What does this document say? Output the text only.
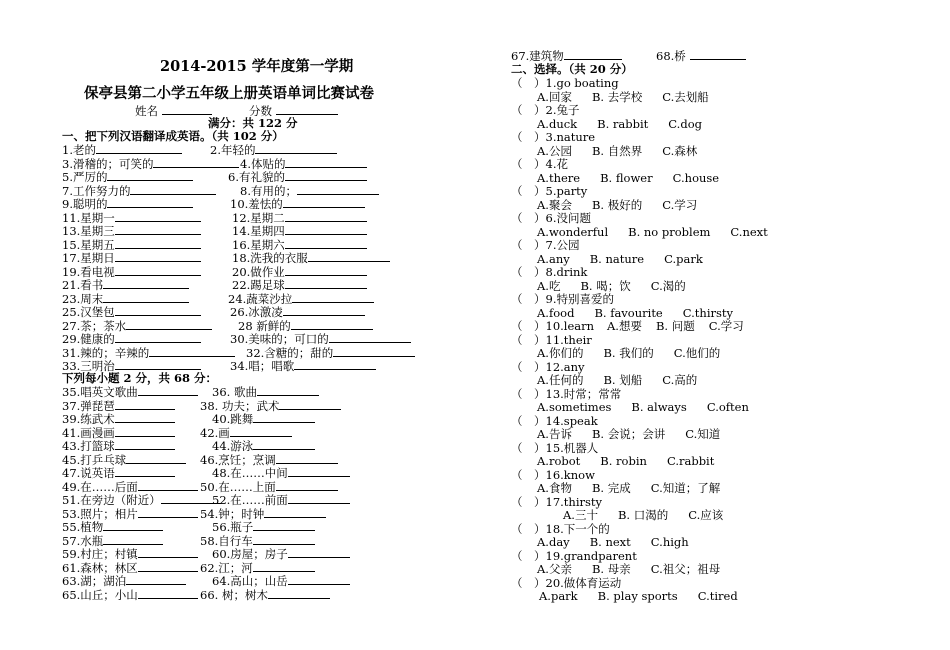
2014-2015 学年度第一学期
保亭县第二小学五年级上册英语单词比赛试卷
姓名	分数
满分：共 122 分
一、把下列汉语翻译成英语。（共 102 分）
1.老的	2.年轻的
3.滑稽的；可笑的	4.体贴的
5.严厉的	6.有礼貌的
7.工作努力的	8.有用的；
9.聪明的	10.羞怯的
11.星期一	12.星期二
13.星期三	14.星期四
15.星期五	16.星期六
17.星期日	18.洗我的衣服
19.看电视	20.做作业
21.看书	22.踢足球
23.周末	24.蔬菜沙拉
25.汉堡包	26.冰激凌
27.茶；茶水	28 新鲜的
29.健康的	30.美味的；可口的
31.辣的；辛辣的	32.含糖的；甜的
33.三明治	34.唱；唱歌
下列每小题 2 分，共 68 分：
35.唱英文歌曲	36. 歌曲
37.弹琵琶	38. 功夫；武术
39.练武术	40.跳舞
41.画漫画	42.画
43.打篮球	44.游泳
45.打乒乓球	46.烹饪；烹调
47.说英语	48.在……中间
49.在……后面	50.在……上面
51.在旁边（附近）	52.在……前面
53.照片；相片	54.钟；时钟
55.植物	56.瓶子
57.水瓶	58.自行车
59.村庄；村镇	60.房屋；房子
61.森林；林区	62.江；河
63.湖；湖泊	64.高山；山岳
65.山丘；小山	66. 树；树木
67.建筑物	68.桥
二、选择。（共 20 分）
（　）1.go boating
A.回家 B. 去学校 C.去划船
（　）2.兔子
A.duck B. rabbit C.dog
（　）3.nature
A.公园 B. 自然界 C.森林
（　）4.花
A.there B. flower C.house
（　）5.party
A.聚会 B. 极好的 C.学习
（　）6.没问题
A.wonderful B. no problem C.next
（　）7.公园
A.any B. nature C.park
（　）8.drink
A.吃 B. 喝；饮 C.渴的
（　）9.特别喜爱的
A.food B. favourite C.thirsty
（　）10.learn A.想要 B. 问题 C.学习
（　）11.their
A.你们的 B. 我们的 C.他们的
（　）12.any
A.任何的 B. 划船 C.高的
（　）13.时常；常常
A.sometimes B. always C.often
（　）14.speak
A.告诉 B. 会说；会讲 C.知道
（　）15.机器人
A.robot B. robin C.rabbit
（　）16.know
A.食物 B. 完成 C.知道；了解
（　）17.thirsty
A.三十 B. 口渴的 C.应该
（　）18.下一个的
A.day B. next C.high
（　）19.grandparent
A.父亲 B. 母亲 C.祖父；祖母
（　）20.做体育运动
A.park B. play sports C.tired
